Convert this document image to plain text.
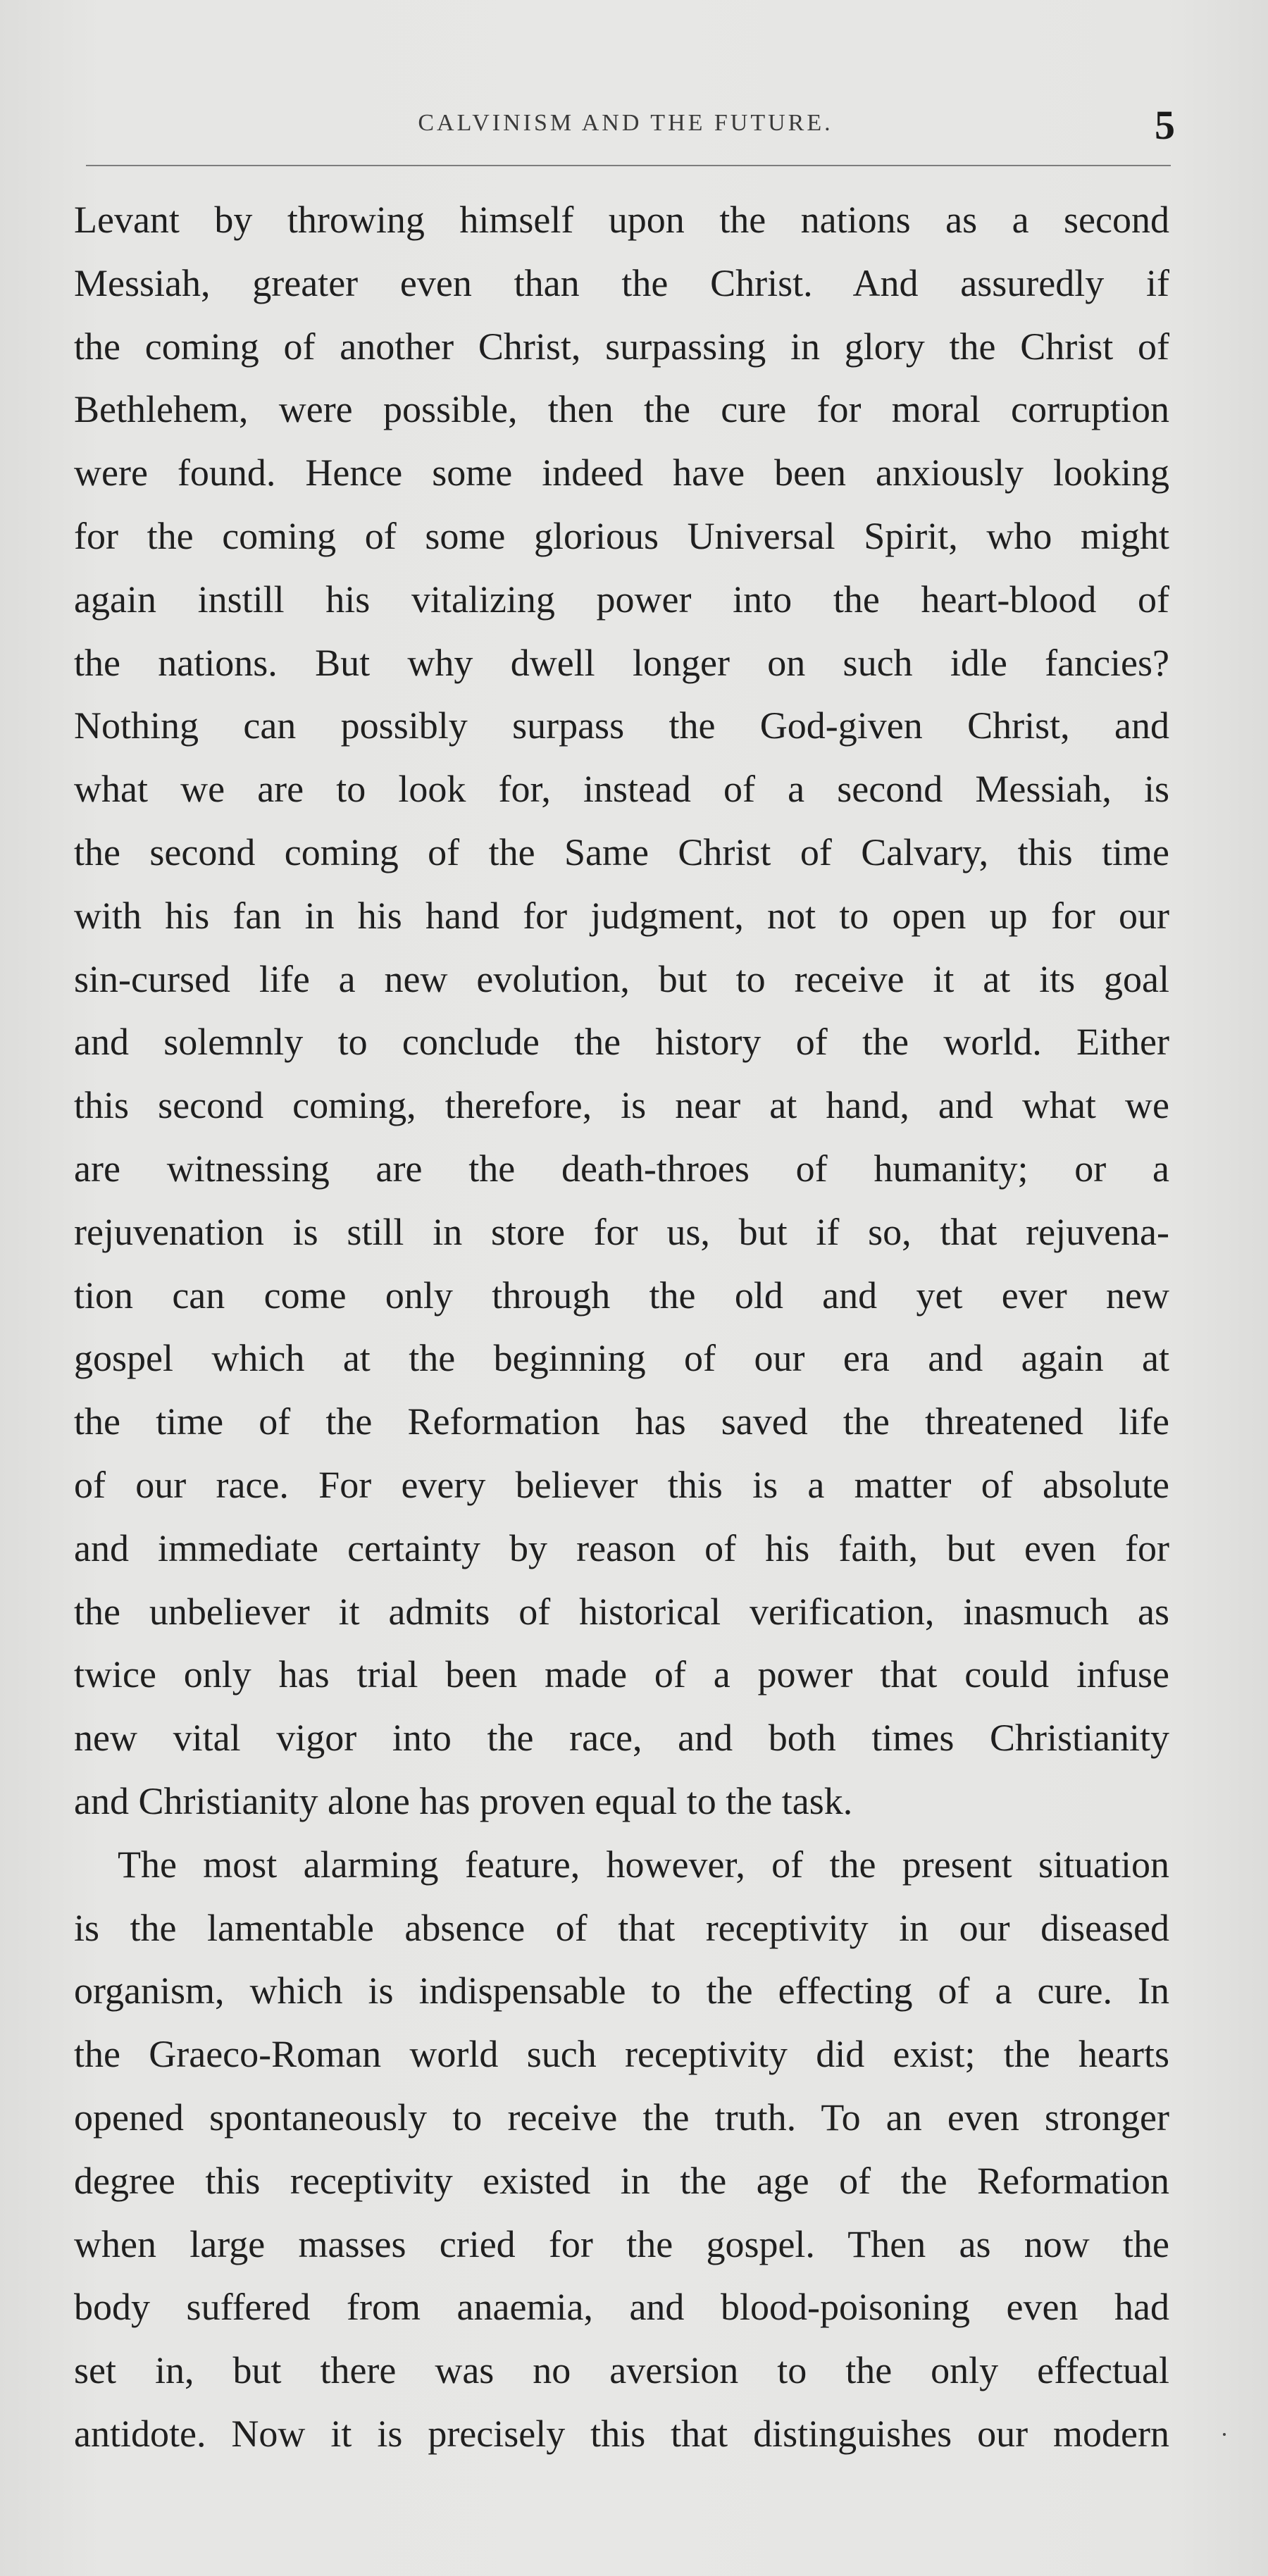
CALVINISM AND THE FUTURE.	5
Levant by throwing himself upon the nations as a second
Messiah, greater even than the Christ. And assuredly if
the coming of another Christ, surpassing in glory the Christ of
Bethlehem, were possible, then the cure for moral corruption
were found. Hence some indeed have been anxiously looking
for the coming of some glorious Universal Spirit, who might
again instill his vitalizing power into the heart-blood of
the nations. But why dwell longer on such idle fancies?
Nothing can possibly surpass the God-given Christ, and
what we are to look for, instead of a second Messiah, is
the second coming of the Same Christ of Calvary, this time
with his fan in his hand for judgment, not to open up for our
sin-cursed life a new evolution, but to receive it at its goal
and solemnly to conclude the history of the world. Either
this second coming, therefore, is near at hand, and what we
are witnessing are the death-throes of humanity; or a
rejuvenation is still in store for us, but if so, that rejuvena-
tion can come only through the old and yet ever new
gospel which at the beginning of our era and again at
the time of the Reformation has saved the threatened life
of our race. For every believer this is a matter of absolute
and immediate certainty by reason of his faith, but even for
the unbeliever it admits of historical verification, inasmuch as
twice only has trial been made of a power that could infuse
new vital vigor into the race, and both times Christianity
and Christianity alone has proven equal to the task.
The most alarming feature, however, of the present situation
is the lamentable absence of that receptivity in our diseased
organism, which is indispensable to the effecting of a cure. In
the Graeco-Roman world such receptivity did exist; the hearts
opened spontaneously to receive the truth. To an even stronger
degree this receptivity existed in the age of the Reformation
when large masses cried for the gospel. Then as now the
body suffered from anaemia, and blood-poisoning even had
set in, but there was no aversion to the only effectual
antidote. Now it is precisely this that distinguishes our modern
